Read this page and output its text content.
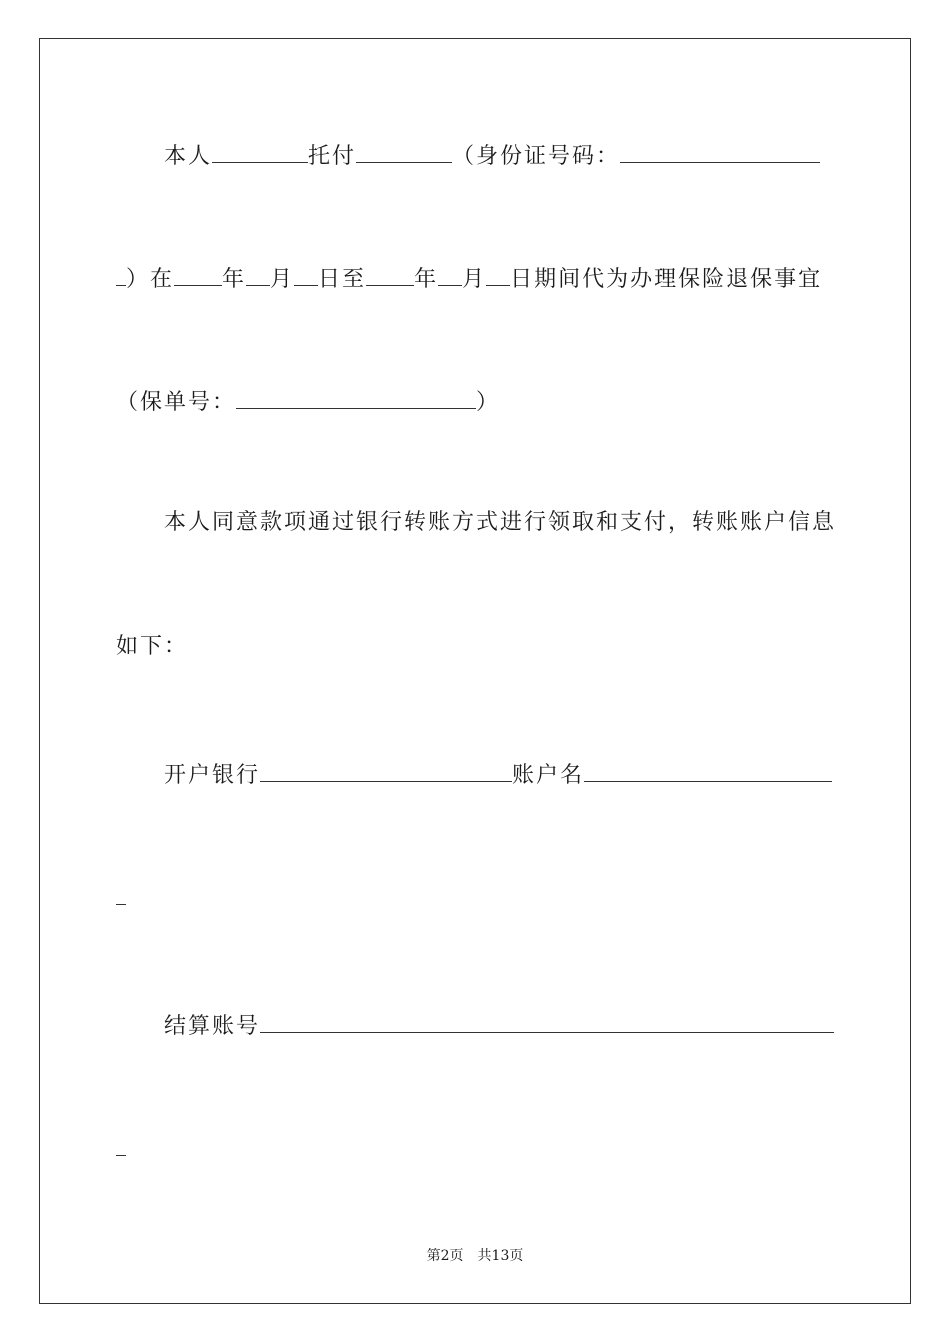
本人	托付	（身份证号码：
）在 年 月 日至 年 月 日期间代为办理保险退保事宜
（保单号：	）
本人同意款项通过银行转账方式进行领取和支付，转账账户信息
如下：
开户银行	账户名
结算账号
第2页 共13页
